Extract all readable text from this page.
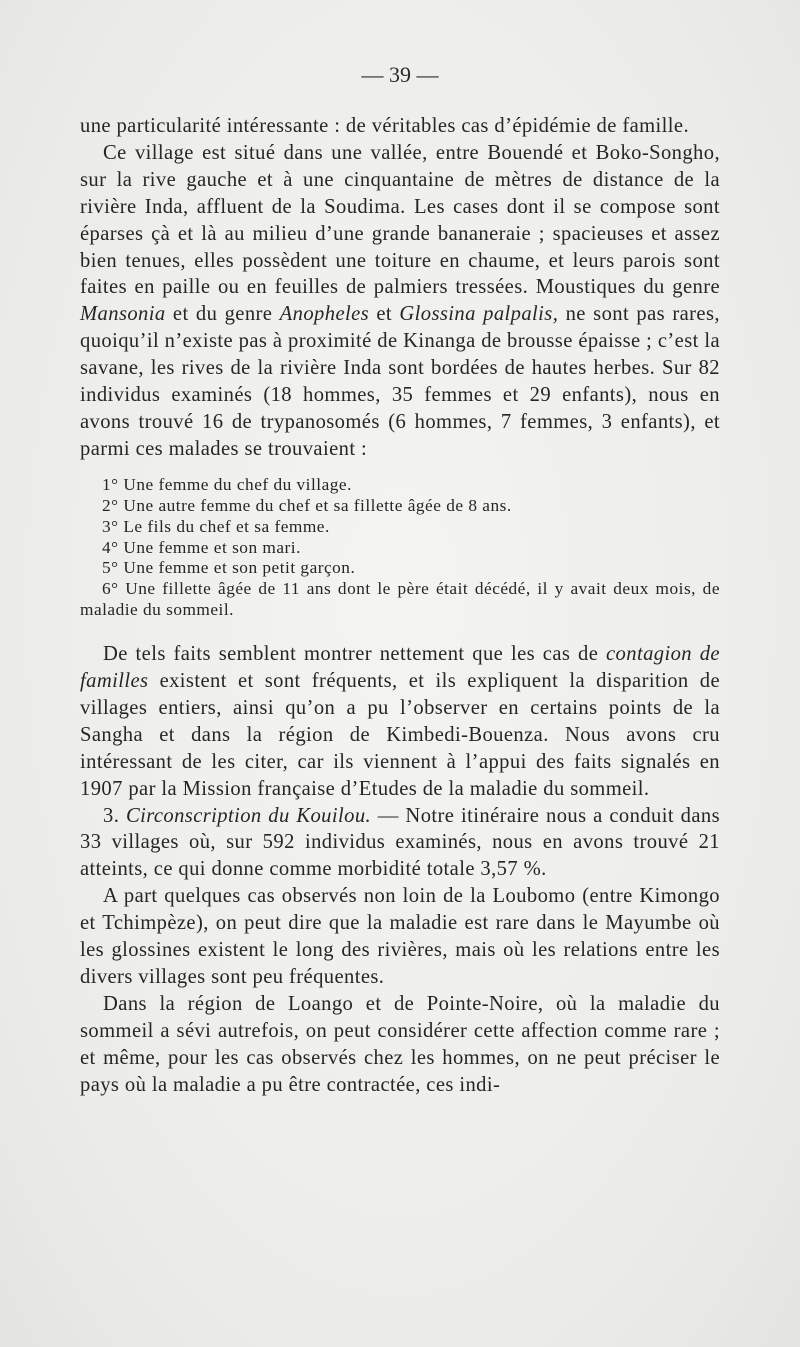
— 39 —

une particularité intéressante : de véritables cas d’épidémie de famille.

Ce village est situé dans une vallée, entre Bouendé et Boko-Songho, sur la rive gauche et à une cinquantaine de mètres de distance de la rivière Inda, affluent de la Soudima. Les cases dont il se compose sont éparses çà et là au milieu d’une grande bananeraie ; spacieuses et assez bien tenues, elles possèdent une toiture en chaume, et leurs parois sont faites en paille ou en feuilles de palmiers tressées. Moustiques du genre Mansonia et du genre Anopheles et Glossina palpalis, ne sont pas rares, quoiqu’il n’existe pas à proximité de Kinanga de brousse épaisse ; c’est la savane, les rives de la rivière Inda sont bordées de hautes herbes. Sur 82 individus examinés (18 hommes, 35 femmes et 29 enfants), nous en avons trouvé 16 de trypanosomés (6 hommes, 7 femmes, 3 enfants), et parmi ces malades se trouvaient :

1° Une femme du chef du village.
2° Une autre femme du chef et sa fillette âgée de 8 ans.
3° Le fils du chef et sa femme.
4° Une femme et son mari.
5° Une femme et son petit garçon.
6° Une fillette âgée de 11 ans dont le père était décédé, il y avait deux mois, de maladie du sommeil.

De tels faits semblent montrer nettement que les cas de contagion de familles existent et sont fréquents, et ils expliquent la disparition de villages entiers, ainsi qu’on a pu l’observer en certains points de la Sangha et dans la région de Kimbedi-Bouenza. Nous avons cru intéressant de les citer, car ils viennent à l’appui des faits signalés en 1907 par la Mission française d’Etudes de la maladie du sommeil.

3. Circonscription du Kouilou. — Notre itinéraire nous a conduit dans 33 villages où, sur 592 individus examinés, nous en avons trouvé 21 atteints, ce qui donne comme morbidité totale 3,57 %.

A part quelques cas observés non loin de la Loubomo (entre Kimongo et Tchimpèze), on peut dire que la maladie est rare dans le Mayumbe où les glossines existent le long des rivières, mais où les relations entre les divers villages sont peu fréquentes.

Dans la région de Loango et de Pointe-Noire, où la maladie du sommeil a sévi autrefois, on peut considérer cette affection comme rare ; et même, pour les cas observés chez les hommes, on ne peut préciser le pays où la maladie a pu être contractée, ces indi-
